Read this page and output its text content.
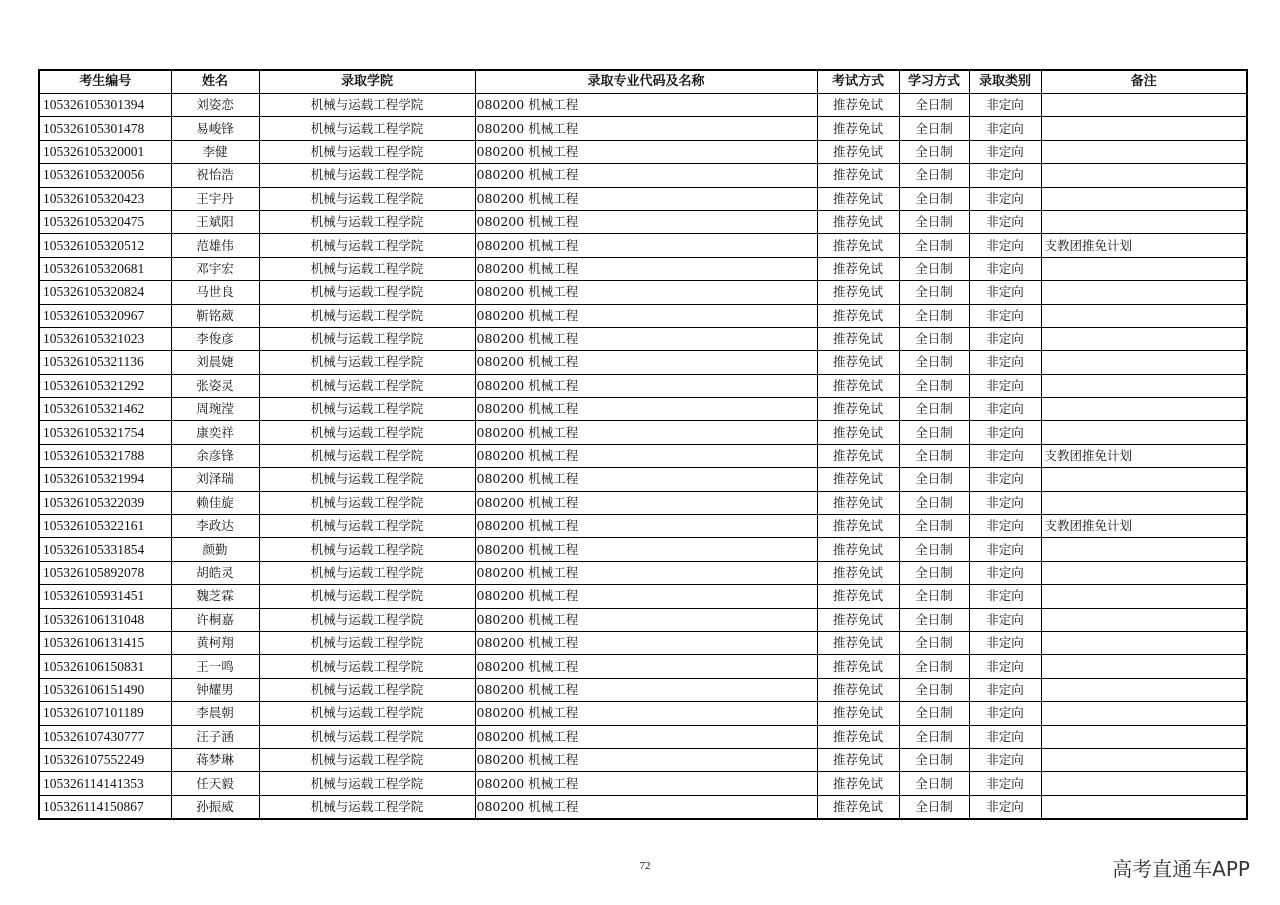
考生编号	姓名	录取学院	录取专业代码及名称	考试方式	学习方式	录取类别	备注
105326105301394	刘姿恋	机械与运载工程学院	080200 机械工程	推荐免试	全日制	非定向	
105326105301478	易峻锋	机械与运载工程学院	080200 机械工程	推荐免试	全日制	非定向	
105326105320001	李健	机械与运载工程学院	080200 机械工程	推荐免试	全日制	非定向	
105326105320056	祝怡浩	机械与运载工程学院	080200 机械工程	推荐免试	全日制	非定向	
105326105320423	王宇丹	机械与运载工程学院	080200 机械工程	推荐免试	全日制	非定向	
105326105320475	王斌阳	机械与运载工程学院	080200 机械工程	推荐免试	全日制	非定向	
105326105320512	范雄伟	机械与运载工程学院	080200 机械工程	推荐免试	全日制	非定向	支教团推免计划
105326105320681	邓宇宏	机械与运载工程学院	080200 机械工程	推荐免试	全日制	非定向	
105326105320824	马世良	机械与运载工程学院	080200 机械工程	推荐免试	全日制	非定向	
105326105320967	靳铭葳	机械与运载工程学院	080200 机械工程	推荐免试	全日制	非定向	
105326105321023	李俊彦	机械与运载工程学院	080200 机械工程	推荐免试	全日制	非定向	
105326105321136	刘晨婕	机械与运载工程学院	080200 机械工程	推荐免试	全日制	非定向	
105326105321292	张姿灵	机械与运载工程学院	080200 机械工程	推荐免试	全日制	非定向	
105326105321462	周琬滢	机械与运载工程学院	080200 机械工程	推荐免试	全日制	非定向	
105326105321754	康奕祥	机械与运载工程学院	080200 机械工程	推荐免试	全日制	非定向	
105326105321788	余彦锋	机械与运载工程学院	080200 机械工程	推荐免试	全日制	非定向	支教团推免计划
105326105321994	刘泽瑞	机械与运载工程学院	080200 机械工程	推荐免试	全日制	非定向	
105326105322039	赖佳旋	机械与运载工程学院	080200 机械工程	推荐免试	全日制	非定向	
105326105322161	李政达	机械与运载工程学院	080200 机械工程	推荐免试	全日制	非定向	支教团推免计划
105326105331854	颜勤	机械与运载工程学院	080200 机械工程	推荐免试	全日制	非定向	
105326105892078	胡皓灵	机械与运载工程学院	080200 机械工程	推荐免试	全日制	非定向	
105326105931451	魏芝霖	机械与运载工程学院	080200 机械工程	推荐免试	全日制	非定向	
105326106131048	许桐嘉	机械与运载工程学院	080200 机械工程	推荐免试	全日制	非定向	
105326106131415	黄柯翔	机械与运载工程学院	080200 机械工程	推荐免试	全日制	非定向	
105326106150831	王一鸣	机械与运载工程学院	080200 机械工程	推荐免试	全日制	非定向	
105326106151490	钟耀男	机械与运载工程学院	080200 机械工程	推荐免试	全日制	非定向	
105326107101189	李晨朝	机械与运载工程学院	080200 机械工程	推荐免试	全日制	非定向	
105326107430777	汪子涵	机械与运载工程学院	080200 机械工程	推荐免试	全日制	非定向	
105326107552249	蒋梦琳	机械与运载工程学院	080200 机械工程	推荐免试	全日制	非定向	
105326114141353	任天毅	机械与运载工程学院	080200 机械工程	推荐免试	全日制	非定向	
105326114150867	孙振威	机械与运载工程学院	080200 机械工程	推荐免试	全日制	非定向	
72	高考直通车APP
